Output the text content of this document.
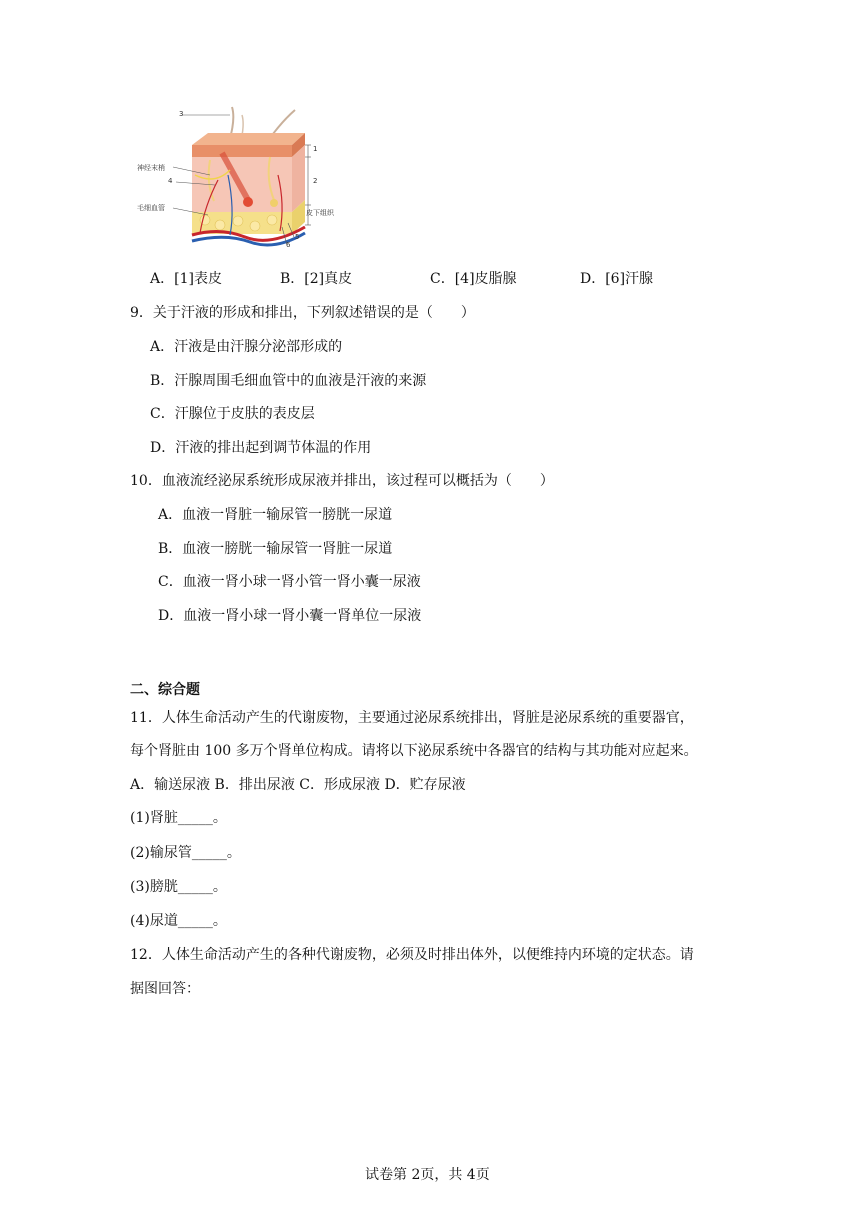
3
神经末梢
4
毛细血管
1
2
皮下组织
5
6
A．[1]表皮	B．[2]真皮	C．[4]皮脂腺	D．[6]汗腺
9．关于汗液的形成和排出，下列叙述错误的是（　　）
A．汗液是由汗腺分泌部形成的
B．汗腺周围毛细血管中的血液是汗液的来源
C．汗腺位于皮肤的表皮层
D．汗液的排出起到调节体温的作用
10．血液流经泌尿系统形成尿液并排出，该过程可以概括为（　　）
A．血液一肾脏一输尿管一膀胱一尿道
B．血液一膀胱一输尿管一肾脏一尿道
C．血液一肾小球一肾小管一肾小囊一尿液
D．血液一肾小球一肾小囊一肾单位一尿液
二、综合题
11．人体生命活动产生的代谢废物，主要通过泌尿系统排出，肾脏是泌尿系统的重要器官，
每个肾脏由 100 多万个肾单位构成。请将以下泌尿系统中各器官的结构与其功能对应起来。
A．输送尿液 B．排出尿液 C．形成尿液 D．贮存尿液
(1)肾脏_____。
(2)输尿管_____。
(3)膀胱_____。
(4)尿道_____。
12．人体生命活动产生的各种代谢废物，必须及时排出体外，以便维持内环境的定状态。请
据图回答：
试卷第 2页，共 4页
